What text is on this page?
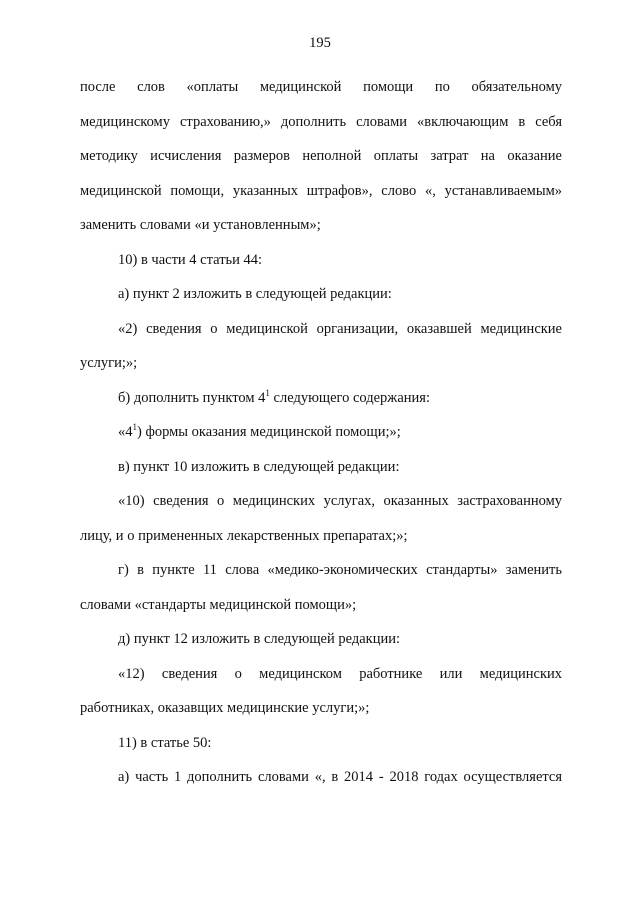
195
после слов «оплаты медицинской помощи по обязательному
медицинскому страхованию,» дополнить словами «включающим в себя
методику исчисления размеров неполной оплаты затрат на оказание
медицинской помощи, указанных штрафов», слово «, устанавливаемым»
заменить словами «и установленным»;
10) в части 4 статьи 44:
а) пункт 2 изложить в следующей редакции:
«2) сведения о медицинской организации, оказавшей медицинские
услуги;»;
б) дополнить пунктом $4^1$ следующего содержания:
«$4^1$) формы оказания медицинской помощи;»;
в) пункт 10 изложить в следующей редакции:
«10) сведения о медицинских услугах, оказанных застрахованному
лицу, и о примененных лекарственных препаратах;»;
г) в пункте 11 слова «медико-экономических стандарты» заменить
словами «стандарты медицинской помощи»;
д) пункт 12 изложить в следующей редакции:
«12) сведения о медицинском работнике или медицинских
работниках, оказавщих медицинские услуги;»;
11) в статье 50:
а) часть 1 дополнить словами «, в 2014 - 2018 годах осуществляется
